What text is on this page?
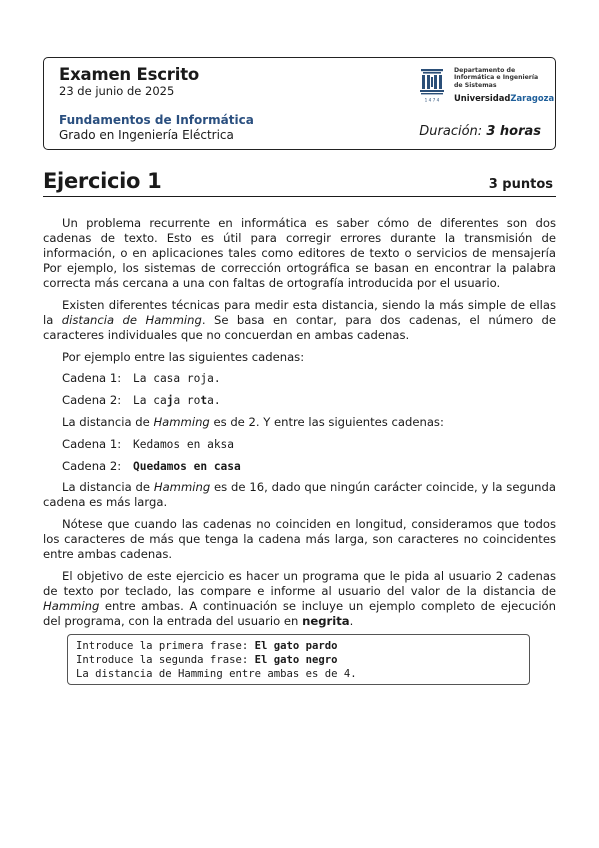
Examen Escrito
23 de junio de 2025
Fundamentos de Informática
Grado en Ingeniería Eléctrica	Duración: 3 horas
1 4 7 4
Departamento de
Informática e Ingeniería
de Sistemas
UniversidadZaragoza
Ejercicio 1	3 puntos

Un problema recurrente en informática es saber cómo de diferentes son dos cadenas de texto. Esto es útil para corregir errores durante la transmisión de información, o en aplicaciones tales como editores de texto o servicios de mensajería Por ejemplo, los sistemas de corrección ortográfica se basan en encontrar la palabra correcta más cercana a una con faltas de ortografía introducida por el usuario.

Existen diferentes técnicas para medir esta distancia, siendo la más simple de ellas la distancia de Hamming. Se basa en contar, para dos cadenas, el número de caracteres individuales que no concuerdan en ambas cadenas.

Por ejemplo entre las siguientes cadenas:

Cadena 1: La casa roja.
Cadena 2: La caja rota.

La distancia de Hamming es de 2. Y entre las siguientes cadenas:

Cadena 1: Kedamos en aksa
Cadena 2: Quedamos en casa

La distancia de Hamming es de 16, dado que ningún carácter coincide, y la segunda cadena es más larga.

Nótese que cuando las cadenas no coinciden en longitud, consideramos que todos los caracteres de más que tenga la cadena más larga, son caracteres no coincidentes entre ambas cadenas.

El objetivo de este ejercicio es hacer un programa que le pida al usuario 2 cadenas de texto por teclado, las compare e informe al usuario del valor de la distancia de Hamming entre ambas. A continuación se incluye un ejemplo completo de ejecución del programa, con la entrada del usuario en negrita.

Introduce la primera frase: El gato pardo
Introduce la segunda frase: El gato negro
La distancia de Hamming entre ambas es de 4.
